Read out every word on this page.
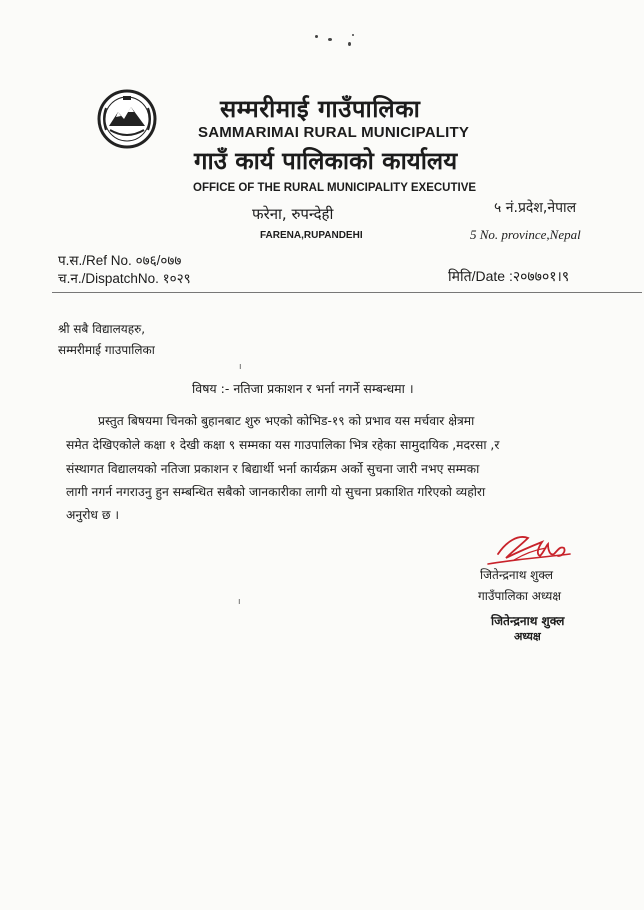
सम्मरीमाई गाउँपालिका
SAMMARIMAI RURAL MUNICIPALITY
गाउँ कार्य पालिकाको कार्यालय
OFFICE OF THE RURAL MUNICIPALITY EXECUTIVE
फरेना, रुपन्देही
FARENA,RUPANDEHI
५ नं.प्रदेश,नेपाल
5 No. province,Nepal
प.स./Ref No. ०७६/०७७
च.न./DispatchNo. १०२९	मिति/Date :२०७७०१।९
श्री सबै विद्यालयहरु,
सम्मरीमाई गाउपालिका
ı
विषय :- नतिजा प्रकाशन र भर्ना नगर्ने सम्बन्धमा ।
प्रस्तुत बिषयमा चिनको बुहानबाट शुरु भएको कोभिड-१९ को प्रभाव यस मर्चवार क्षेत्रमा
समेत देखिएकोले कक्षा १ देखी कक्षा ९ सम्मका यस गाउपालिका भित्र रहेका सामुदायिक ,मदरसा ,र
संस्थागत विद्यालयको नतिजा प्रकाशन र बिद्यार्थी भर्ना कार्यक्रम अर्को सुचना जारी नभए सम्मका
लागी नगर्न नगराउनु हुन सम्बन्धित सबैको जानकारीका लागी यो सुचना प्रकाशित गरिएको व्यहोरा
अनुरोध छ ।
ı
जितेन्द्रनाथ शुक्ल
गाउँपालिका अध्यक्ष
जितेन्द्रनाथ शुक्ल
अध्यक्ष
